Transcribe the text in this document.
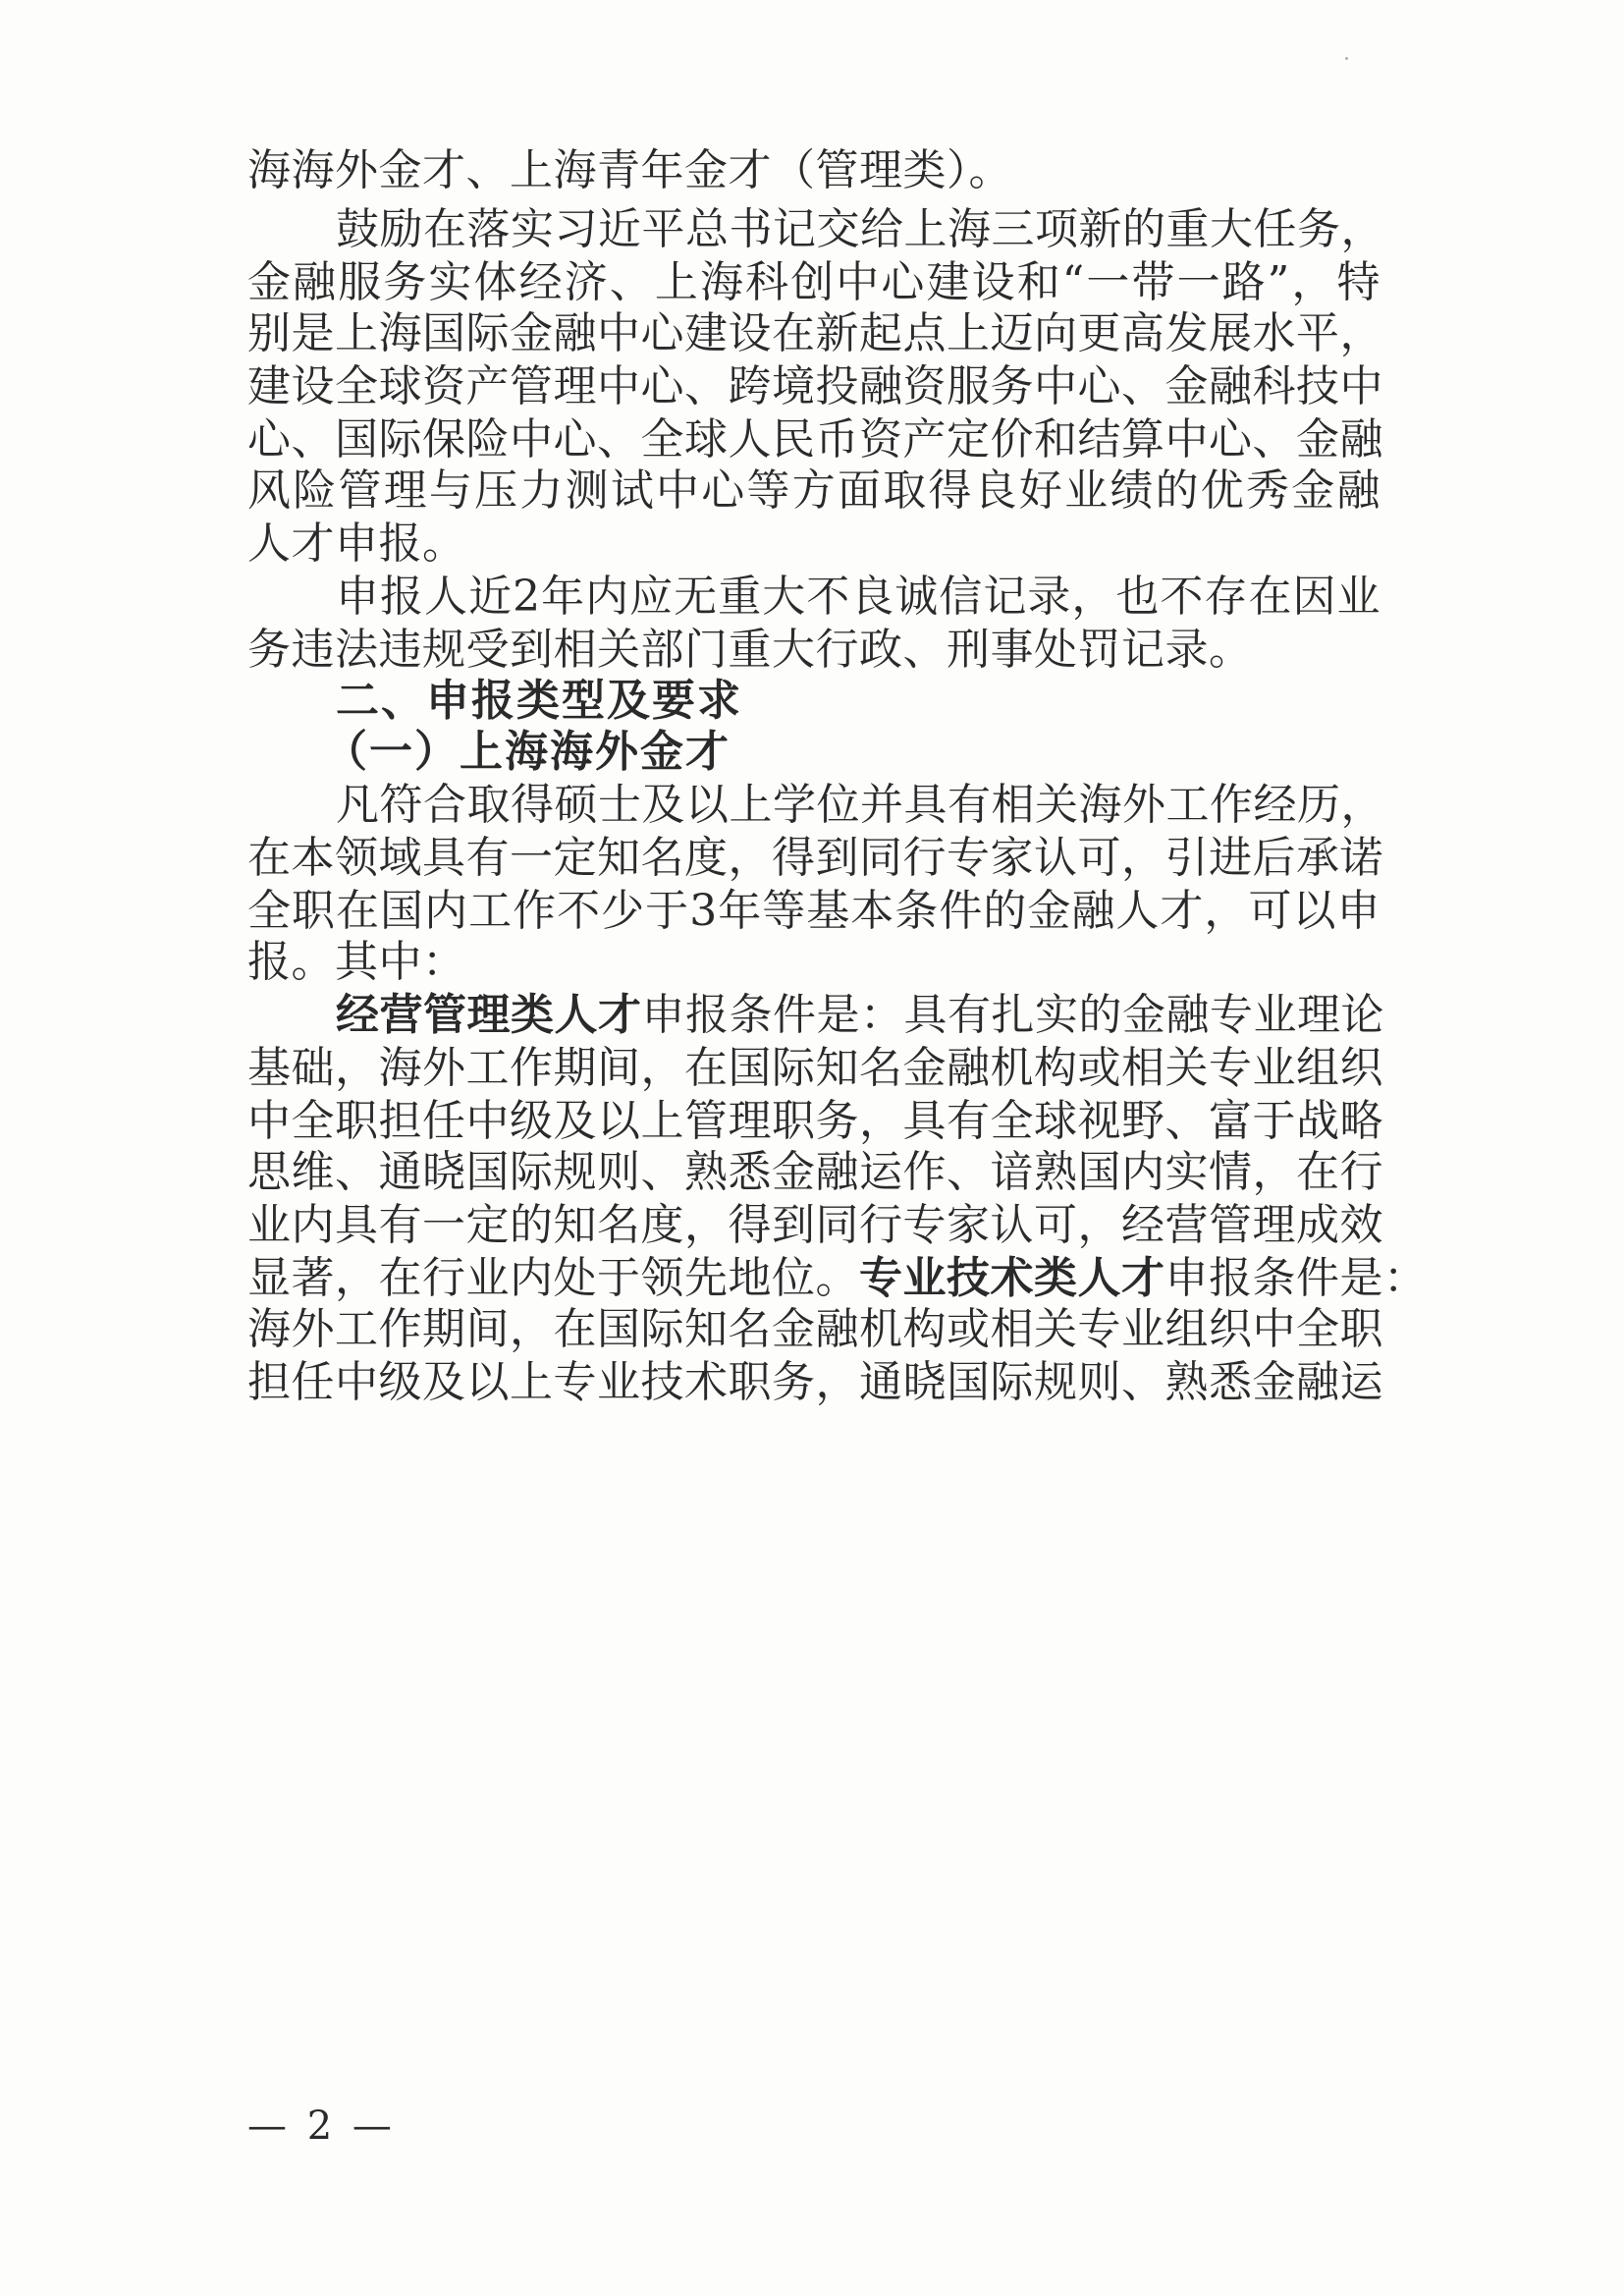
海海外金才、上海青年金才（管理类）。
鼓励在落实习近平总书记交给上海三项新的重大任务，
金融服务实体经济、上海科创中心建设和“一带一路”，特
别是上海国际金融中心建设在新起点上迈向更高发展水平，
建设全球资产管理中心、跨境投融资服务中心、金融科技中
心、国际保险中心、全球人民币资产定价和结算中心、金融
风险管理与压力测试中心等方面取得良好业绩的优秀金融
人才申报。
申报人近2年内应无重大不良诚信记录，也不存在因业
务违法违规受到相关部门重大行政、刑事处罚记录。
二、申报类型及要求
（一）上海海外金才
凡符合取得硕士及以上学位并具有相关海外工作经历，
在本领域具有一定知名度，得到同行专家认可，引进后承诺
全职在国内工作不少于3年等基本条件的金融人才，可以申
报。其中：
经营管理类人才申报条件是：具有扎实的金融专业理论
基础，海外工作期间，在国际知名金融机构或相关专业组织
中全职担任中级及以上管理职务，具有全球视野、富于战略
思维、通晓国际规则、熟悉金融运作、谙熟国内实情，在行
业内具有一定的知名度，得到同行专家认可，经营管理成效
显著，在行业内处于领先地位。专业技术类人才申报条件是：
海外工作期间，在国际知名金融机构或相关专业组织中全职
担任中级及以上专业技术职务，通晓国际规则、熟悉金融运
— 2 —
